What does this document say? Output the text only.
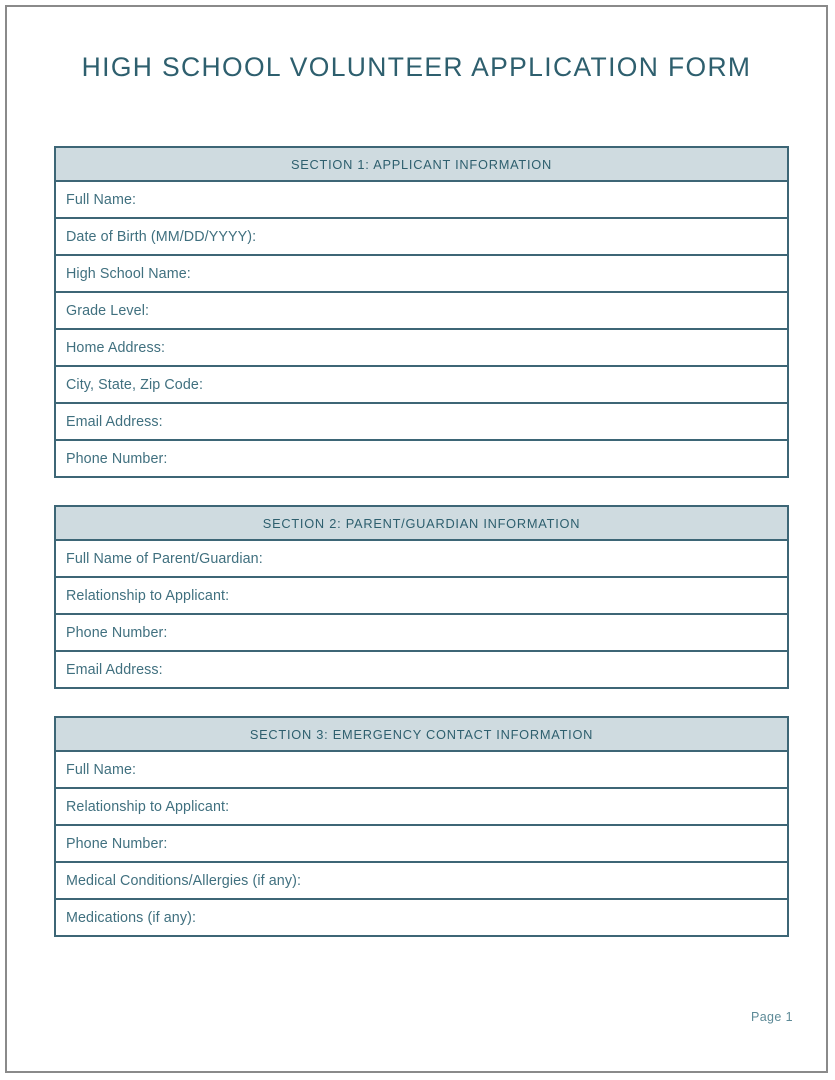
HIGH SCHOOL VOLUNTEER APPLICATION FORM
SECTION 1: APPLICANT INFORMATION
Full Name:
Date of Birth (MM/DD/YYYY):
High School Name:
Grade Level:
Home Address:
City, State, Zip Code:
Email Address:
Phone Number:
SECTION 2: PARENT/GUARDIAN INFORMATION
Full Name of Parent/Guardian:
Relationship to Applicant:
Phone Number:
Email Address:
SECTION 3: EMERGENCY CONTACT INFORMATION
Full Name:
Relationship to Applicant:
Phone Number:
Medical Conditions/Allergies (if any):
Medications (if any):
Page 1
